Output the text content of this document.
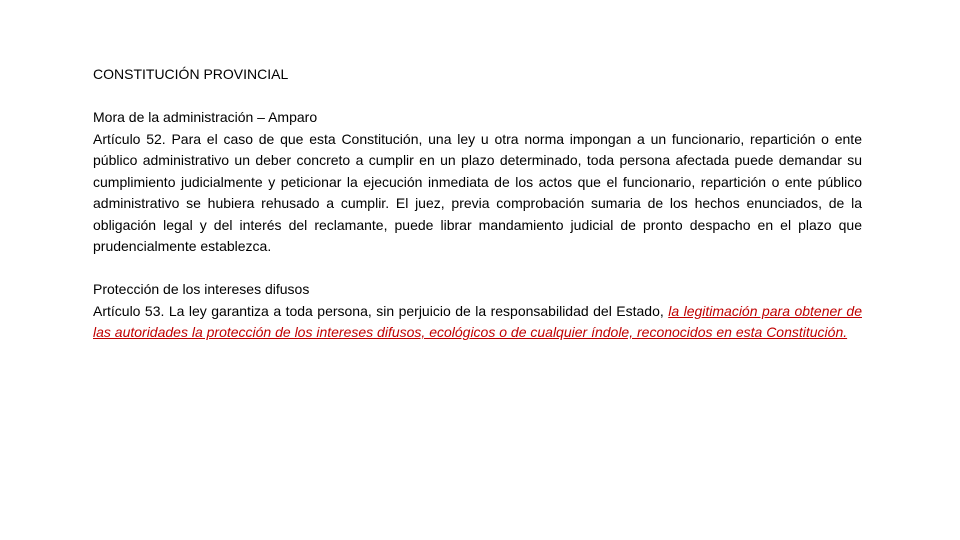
CONSTITUCIÓN PROVINCIAL

Mora de la administración – Amparo

Artículo 52. Para el caso de que esta Constitución, una ley u otra norma impongan a un funcionario, repartición o ente público administrativo un deber concreto a cumplir en un plazo determinado, toda persona afectada puede demandar su cumplimiento judicialmente y peticionar la ejecución inmediata de los actos que el funcionario, repartición o ente público administrativo se hubiera rehusado a cumplir. El juez, previa comprobación sumaria de los hechos enunciados, de la obligación legal y del interés del reclamante, puede librar mandamiento judicial de pronto despacho en el plazo que prudencialmente establezca.

Protección de los intereses difusos

Artículo 53. La ley garantiza a toda persona, sin perjuicio de la responsabilidad del Estado, la legitimación para obtener de las autoridades la protección de los intereses difusos, ecológicos o de cualquier índole, reconocidos en esta Constitución.
